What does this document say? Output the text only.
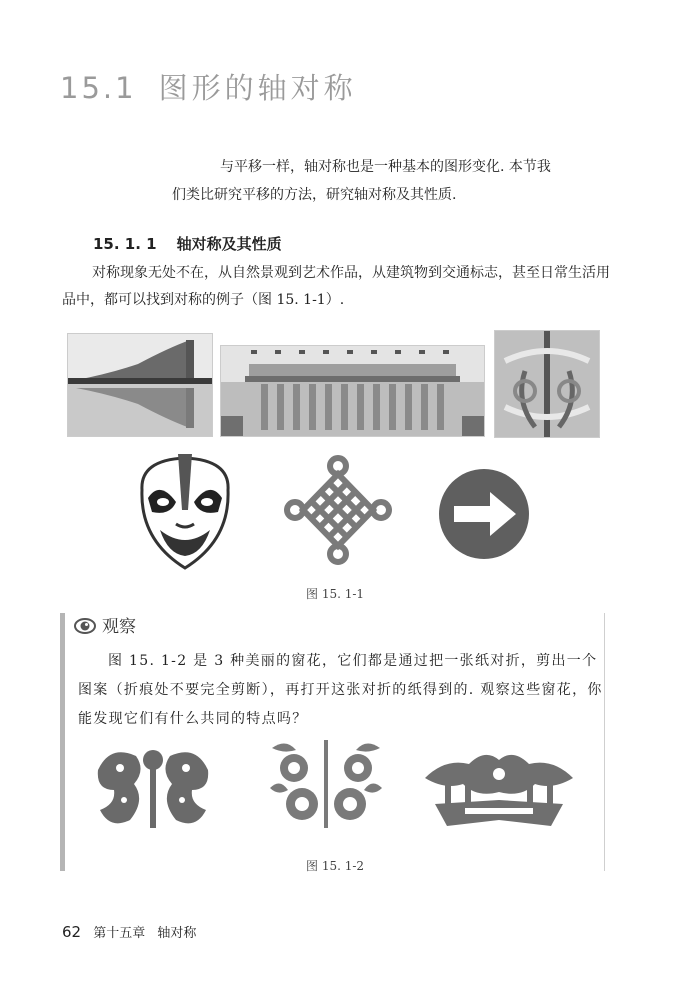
15.1 图形的轴对称

与平移一样，轴对称也是一种基本的图形变化. 本节我

们类比研究平移的方法，研究轴对称及其性质.

15. 1. 1 轴对称及其性质

对称现象无处不在，从自然景观到艺术作品，从建筑物到交通标志，甚至日常生活用品中，都可以找到对称的例子（图 15. 1-1）.

图 15. 1-1
观察

图 15. 1-2 是 3 种美丽的窗花，它们都是通过把一张纸对折，剪出一个图案（折痕处不要完全剪断），再打开这张对折的纸得到的. 观察这些窗花，你能发现它们有什么共同的特点吗？

图 15. 1-2
62 第十五章 轴对称
